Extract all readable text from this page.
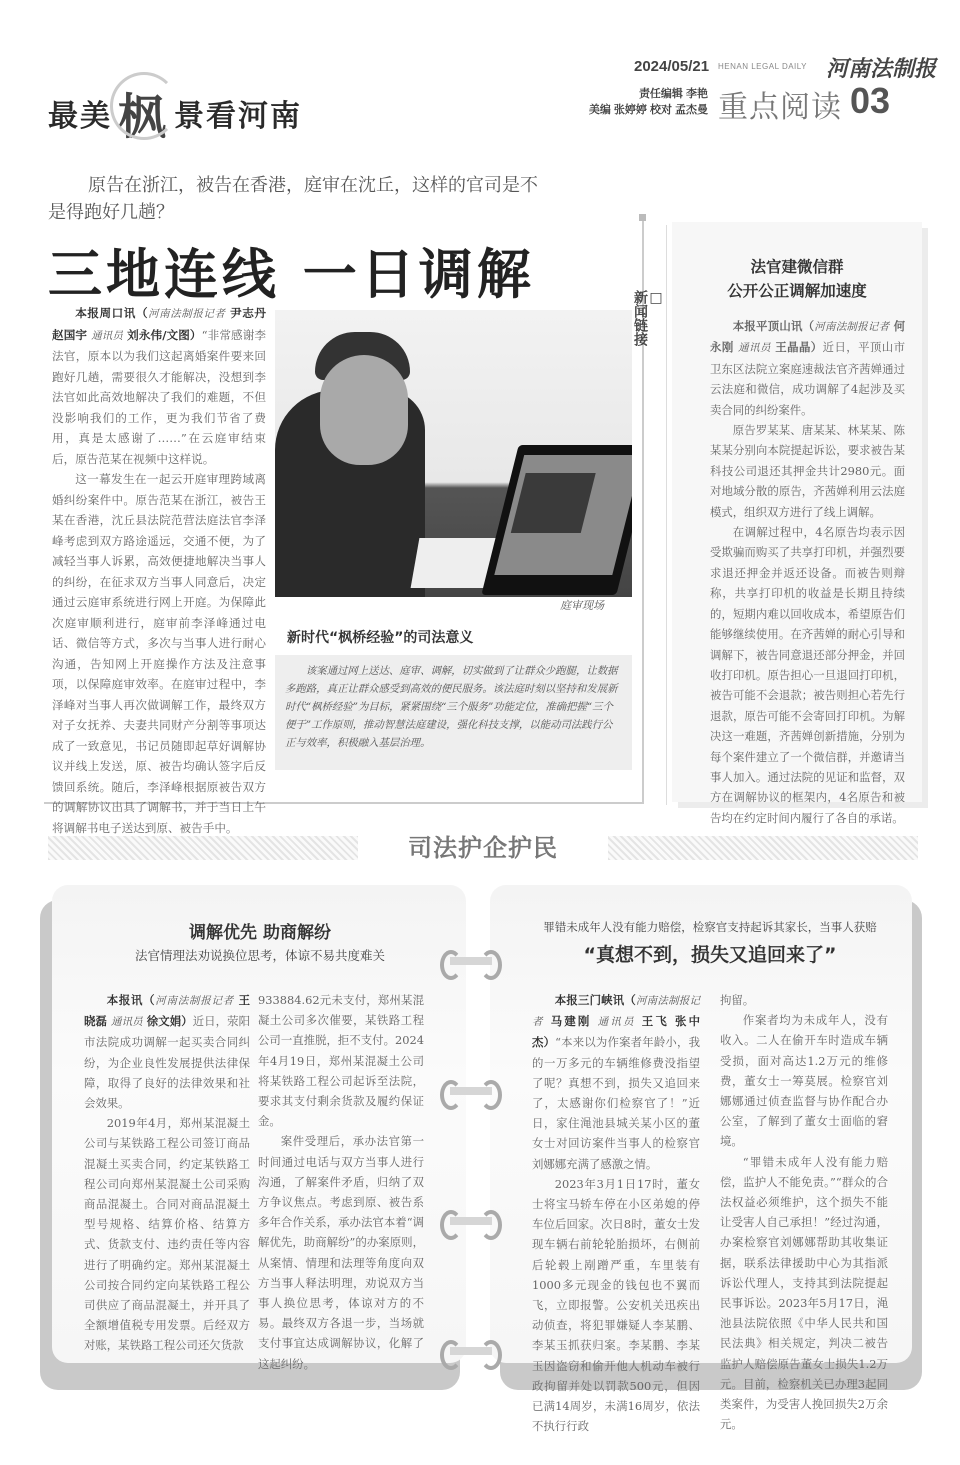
最美 枫 景看河南
2024/05/21 HENAN LEGAL DAILY 河南法制报
责任编辑 李艳
美编 张婷婷 校对 孟杰曼 重点阅读 03
原告在浙江，被告在香港，庭审在沈丘，这样的官司是不是得跑好几趟？
三地连线 一日调解

本报周口讯（河南法制报记者 尹志丹 赵国宇 通讯员 刘永伟/文图）“非常感谢李法官，原本以为我们这起离婚案件要来回跑好几趟，需要很久才能解决，没想到李法官如此高效地解决了我们的难题，不但没影响我们的工作，更为我们节省了费用，真是太感谢了……”在云庭审结束后，原告范某在视频中这样说。

这一幕发生在一起云开庭审理跨域离婚纠纷案件中。原告范某在浙江，被告王某在香港，沈丘县法院范营法庭法官李泽峰考虑到双方路途遥远，交通不便，为了减轻当事人诉累，高效便捷地解决当事人的纠纷，在征求双方当事人同意后，决定通过云庭审系统进行网上开庭。为保障此次庭审顺利进行，庭审前李泽峰通过电话、微信等方式，多次与当事人进行耐心沟通，告知网上开庭操作方法及注意事项，以保障庭审效率。在庭审过程中，李泽峰对当事人再次做调解工作，最终双方对子女抚养、夫妻共同财产分割等事项达成了一致意见，书记员随即起草好调解协议并线上发送，原、被告均确认签字后反馈回系统。随后，李泽峰根据原被告双方的调解协议出具了调解书，并于当日上午将调解书电子送达到原、被告手中。

庭审现场
新时代“枫桥经验”的司法意义

该案通过网上送达、庭审、调解，切实做到了让群众少跑腿，让数据多跑路，真正让群众感受到高效的便民服务。该法庭时刻以坚持和发展新时代“枫桥经验”为目标，紧紧围绕“三个服务”功能定位，准确把握“三个便于”工作原则，推动智慧法庭建设，强化科技支撑，以能动司法践行公正与效率，积极融入基层治理。

□ 新闻链接
法官建微信群
公开公正调解加速度

本报平顶山讯（河南法制报记者 何永刚 通讯员 王晶晶）近日，平顶山市卫东区法院立案庭速裁法官齐茜婵通过云法庭和微信，成功调解了4起涉及买卖合同的纠纷案件。

原告罗某某、唐某某、林某某、陈某某分别向本院提起诉讼，要求被告某科技公司退还其押金共计2980元。面对地域分散的原告，齐茜婵利用云法庭模式，组织双方进行了线上调解。

在调解过程中，4名原告均表示因受欺骗而购买了共享打印机，并强烈要求退还押金并返还设备。而被告则辩称，共享打印机的收益是长期且持续的，短期内难以回收成本，希望原告们能够继续使用。在齐茜婵的耐心引导和调解下，被告同意退还部分押金，并回收打印机。原告担心一旦退回打印机，被告可能不会退款；被告则担心若先行退款，原告可能不会寄回打印机。为解决这一难题，齐茜婵创新措施，分别为每个案件建立了一个微信群，并邀请当事人加入。通过法院的见证和监督，双方在调解协议的框架内，4名原告和被告均在约定时间内履行了各自的承诺。

司法护企护民
调解优先 助商解纷
法官情理法劝说换位思考，体谅不易共度难关

本报讯（河南法制报记者 王晓磊 通讯员 徐文娟）近日，荥阳市法院成功调解一起买卖合同纠纷，为企业良性发展提供法律保障，取得了良好的法律效果和社会效果。

2019年4月，郑州某混凝土公司与某铁路工程公司签订商品混凝土买卖合同，约定某铁路工程公司向郑州某混凝土公司采购商品混凝土。合同对商品混凝土型号规格、结算价格、结算方式、货款支付、违约责任等内容进行了明确约定。郑州某混凝土公司按合同约定向某铁路工程公司供应了商品混凝土，并开具了全额增值税专用发票。后经双方对账，某铁路工程公司还欠货款

933884.62元未支付，郑州某混凝土公司多次催要，某铁路工程公司一直推脱，拒不支付。2024年4月19日，郑州某混凝土公司将某铁路工程公司起诉至法院，要求其支付剩余货款及履约保证金。

案件受理后，承办法官第一时间通过电话与双方当事人进行沟通，了解案件矛盾，归纳了双方争议焦点。考虑到原、被告系多年合作关系，承办法官本着“调解优先，助商解纷”的办案原则，从案情、情理和法理等角度向双方当事人释法明理，劝说双方当事人换位思考，体谅对方的不易。最终双方各退一步，当场就支付事宜达成调解协议，化解了这起纠纷。

罪错未成年人没有能力赔偿，检察官支持起诉其家长，当事人获赔
“真想不到，损失又追回来了”

本报三门峡讯（河南法制报记者 马建刚 通讯员 王飞 张中杰）“本来以为作案者年龄小，我的一万多元的车辆维修费没指望了呢？真想不到，损失又追回来了，太感谢你们检察官了！”近日，家住渑池县城关某小区的董女士对回访案件当事人的检察官刘娜娜充满了感激之情。

2023年3月1日17时，董女士将宝马轿车停在小区弟媳的停车位后回家。次日8时，董女士发现车辆右前轮轮胎损坏，右侧前后轮毂上剐蹭严重，车里装有1000多元现金的钱包也不翼而飞，立即报警。公安机关迅疾出动侦查，将犯罪嫌疑人李某鹏、李某玉抓获归案。李某鹏、李某玉因盗窃和偷开他人机动车被行政拘留并处以罚款500元，但因已满14周岁，未满16周岁，依法不执行行政

拘留。

作案者均为未成年人，没有收入。二人在偷开车时造成车辆受损，面对高达1.2万元的维修费，董女士一筹莫展。检察官刘娜娜通过侦查监督与协作配合办公室，了解到了董女士面临的窘境。

“罪错未成年人没有能力赔偿，监护人不能免责。”“群众的合法权益必须维护，这个损失不能让受害人自己承担！”经过沟通，办案检察官刘娜娜帮助其收集证据，联系法律援助中心为其指派诉讼代理人，支持其到法院提起民事诉讼。2023年5月17日，渑池县法院依照《中华人民共和国民法典》相关规定，判决二被告监护人赔偿原告董女士损失1.2万元。目前，检察机关已办理3起同类案件，为受害人挽回损失2万余元。
